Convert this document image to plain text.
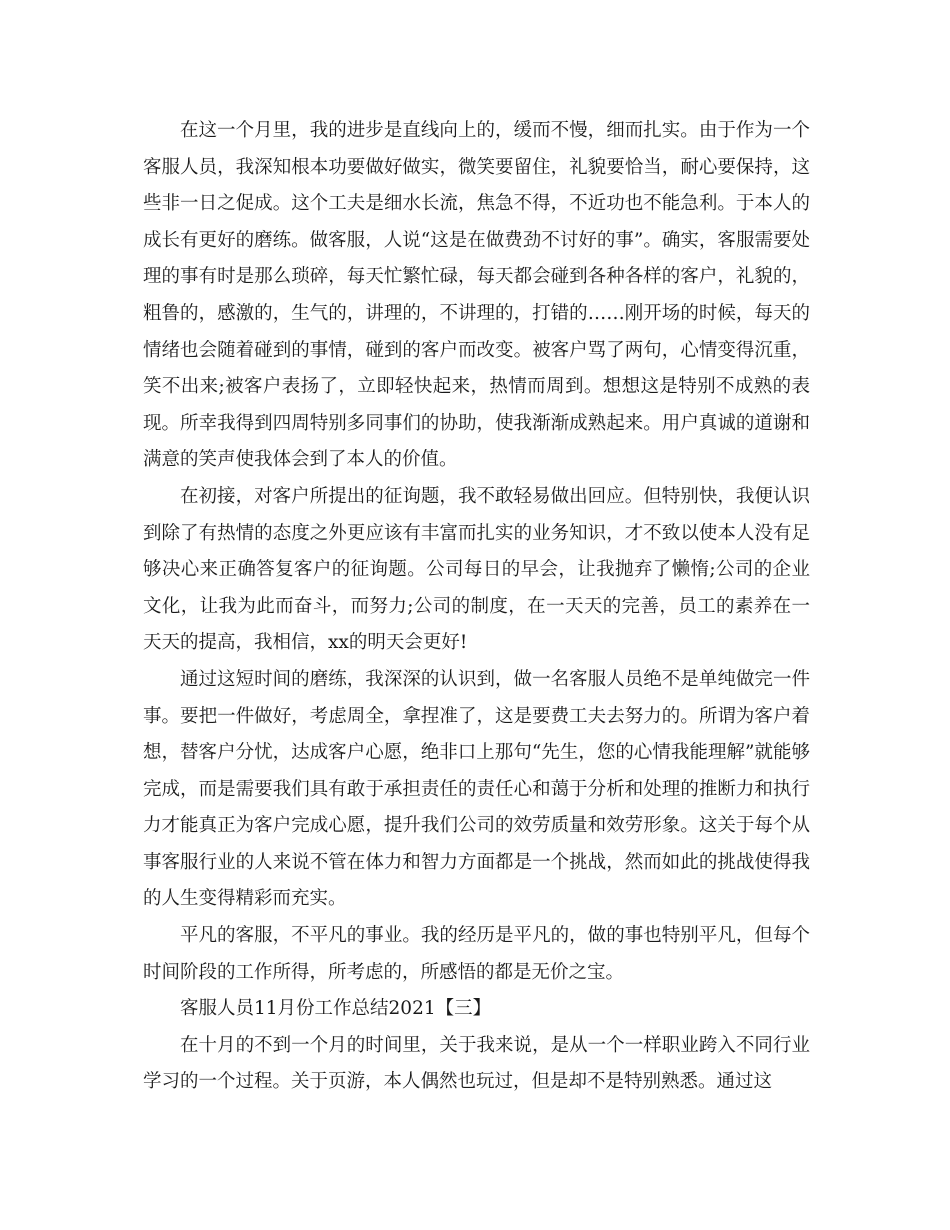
在这一个月里，我的进步是直线向上的，缓而不慢，细而扎实。由于作为一个客服人员，我深知根本功要做好做实，微笑要留住，礼貌要恰当，耐心要保持，这些非一日之促成。这个工夫是细水长流，焦急不得，不近功也不能急利。于本人的成长有更好的磨练。做客服，人说“这是在做费劲不讨好的事”。确实，客服需要处理的事有时是那么琐碎，每天忙繁忙碌，每天都会碰到各种各样的客户，礼貌的，粗鲁的，感激的，生气的，讲理的，不讲理的，打错的……刚开场的时候，每天的情绪也会随着碰到的事情，碰到的客户而改变。被客户骂了两句，心情变得沉重，笑不出来;被客户表扬了，立即轻快起来，热情而周到。想想这是特别不成熟的表现。所幸我得到四周特别多同事们的协助，使我渐渐成熟起来。用户真诚的道谢和满意的笑声使我体会到了本人的价值。

在初接，对客户所提出的征询题，我不敢轻易做出回应。但特别快，我便认识到除了有热情的态度之外更应该有丰富而扎实的业务知识，才不致以使本人没有足够决心来正确答复客户的征询题。公司每日的早会，让我抛弃了懒惰;公司的企业文化，让我为此而奋斗，而努力;公司的制度，在一天天的完善，员工的素养在一天天的提高，我相信，xx的明天会更好!

通过这短时间的磨练，我深深的认识到，做一名客服人员绝不是单纯做完一件事。要把一件做好，考虑周全，拿捏准了，这是要费工夫去努力的。所谓为客户着想，替客户分忧，达成客户心愿，绝非口上那句“先生，您的心情我能理解”就能够完成，而是需要我们具有敢于承担责任的责任心和蔼于分析和处理的推断力和执行力才能真正为客户完成心愿，提升我们公司的效劳质量和效劳形象。这关于每个从事客服行业的人来说不管在体力和智力方面都是一个挑战，然而如此的挑战使得我的人生变得精彩而充实。

平凡的客服，不平凡的事业。我的经历是平凡的，做的事也特别平凡，但每个时间阶段的工作所得，所考虑的，所感悟的都是无价之宝。

客服人员11月份工作总结2021【三】

在十月的不到一个月的时间里，关于我来说，是从一个一样职业跨入不同行业学习的一个过程。关于页游，本人偶然也玩过，但是却不是特别熟悉。通过这
